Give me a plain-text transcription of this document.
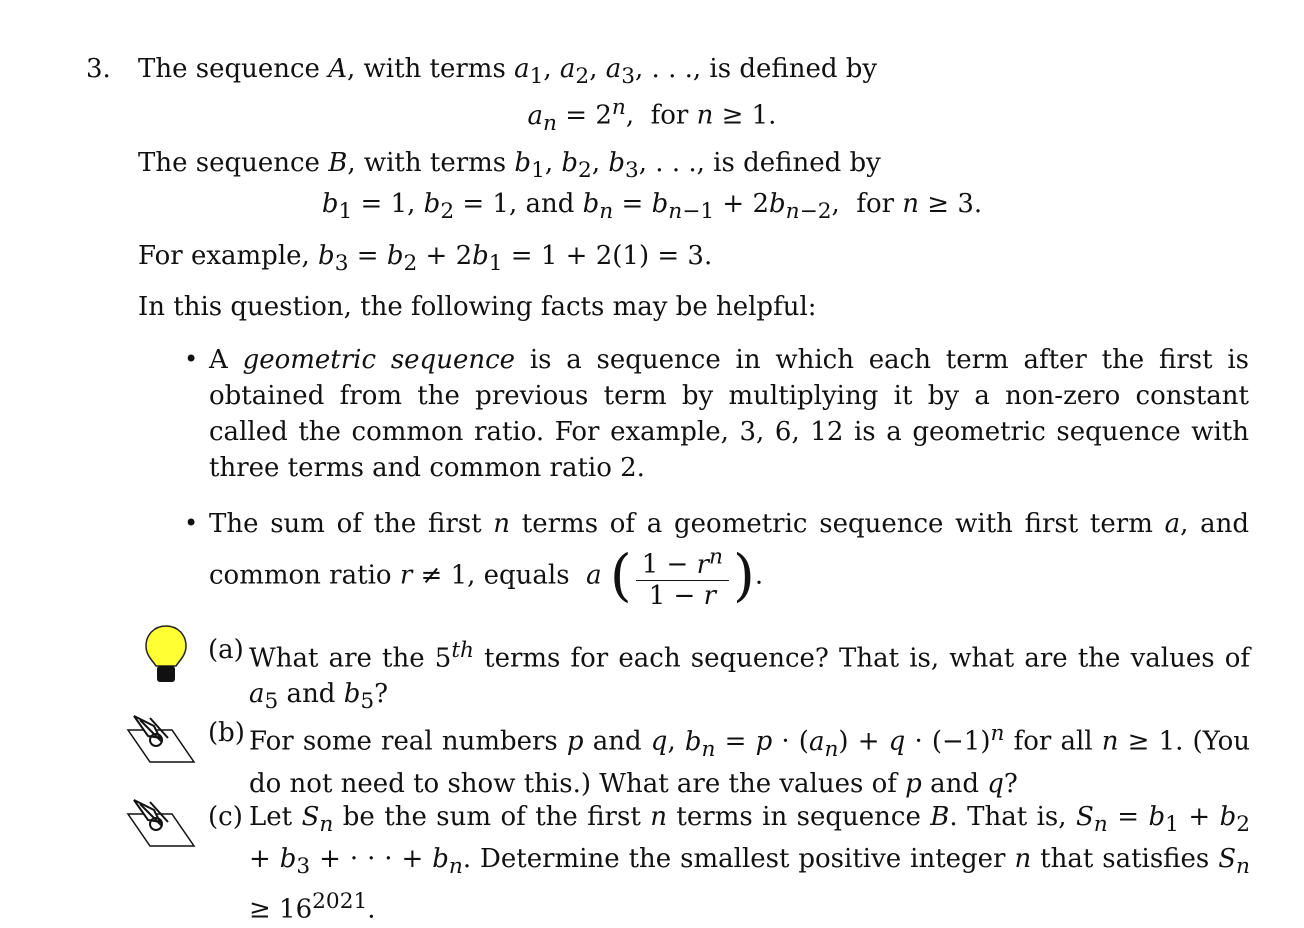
3. The sequence A, with terms $a_1$, $a_2$, $a_3$, . . ., is defined by
$a_n = 2^n$,  for n ≥ 1.
The sequence B, with terms $b_1$, $b_2$, $b_3$, . . ., is defined by
$b_1 = 1$, $b_2 = 1$, and $b_n = b_{n-1} + 2b_{n-2}$,  for n ≥ 3.
For example, $b_3 = b_2 + 2b_1 = 1 + 2(1) = 3$.
In this question, the following facts may be helpful:
• A geometric sequence is a sequence in which each term after the first is obtained from the previous term by multiplying it by a non-zero constant called the common ratio. For example, 3, 6, 12 is a geometric sequence with three terms and common ratio 2.
• The sum of the first n terms of a geometric sequence with first term a, and common ratio r ≠ 1, equals  a ( $\frac{1 - r^n}{1 - r}$ ).
(a) What are the 5th terms for each sequence? That is, what are the values of $a_5$ and $b_5$?
(b) For some real numbers p and q, $b_n = p \cdot (a_n) + q \cdot (-1)^n$ for all n ≥ 1. (You do not need to show this.) What are the values of p and q?
(c) Let $S_n$ be the sum of the first n terms in sequence B. That is, $S_n = b_1 + b_2 + b_3$ + · · · + $b_n$. Determine the smallest positive integer n that satisfies $S_n \ge 16^{2021}$.
